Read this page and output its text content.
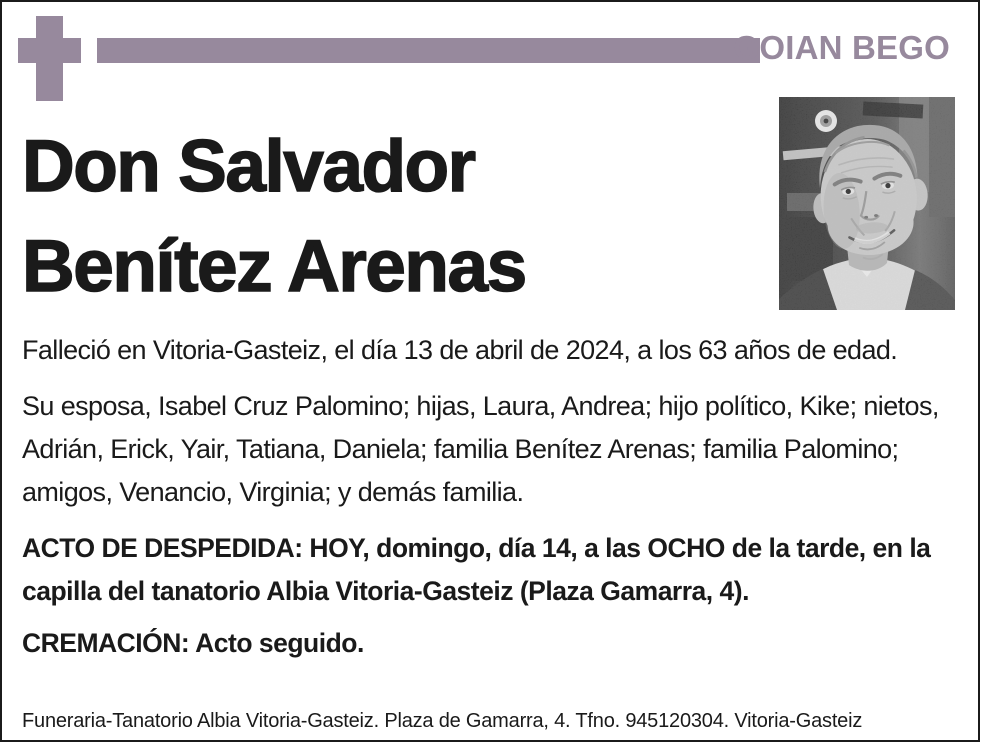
GOIAN BEGO
Don Salvador
Benítez Arenas

Falleció en Vitoria-Gasteiz, el día 13 de abril de 2024, a los 63 años de edad.

Su esposa, Isabel Cruz Palomino; hijas, Laura, Andrea; hijo político, Kike; nietos, Adrián, Erick, Yair, Tatiana, Daniela; familia Benítez Arenas; familia Palomino; amigos, Venancio, Virginia; y demás familia.

ACTO DE DESPEDIDA: HOY, domingo, día 14, a las OCHO de la tarde, en la capilla del tanatorio Albia Vitoria-Gasteiz (Plaza Gamarra, 4).

CREMACIÓN: Acto seguido.

Funeraria-Tanatorio Albia Vitoria-Gasteiz. Plaza de Gamarra, 4. Tfno. 945120304. Vitoria-Gasteiz
